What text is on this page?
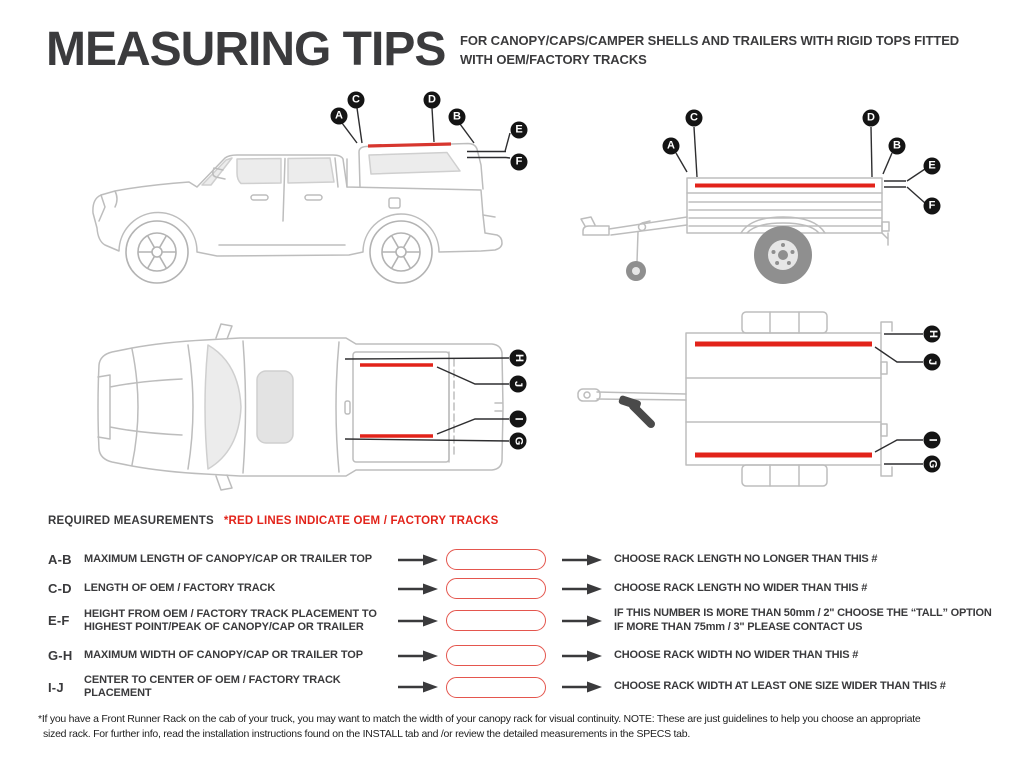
MEASURING TIPS FOR CANOPY/CAPS/CAMPER SHELLS AND TRAILERS WITH RIGID TOPS FITTED
WITH OEM/FACTORY TRACKS
A
C	D
B
E
F
A
C	D
B
E
F
H
J
I
G
H
J
I
G
REQUIRED MEASUREMENTS *RED LINES INDICATE OEM / FACTORY TRACKS
A-B	MAXIMUM LENGTH OF CANOPY/CAP OR TRAILER TOP	CHOOSE RACK LENGTH NO LONGER THAN THIS #
C-D	LENGTH OF OEM / FACTORY TRACK	CHOOSE RACK LENGTH NO WIDER THAN THIS #
E-F	HEIGHT FROM OEM / FACTORY TRACK PLACEMENT TO
HIGHEST POINT/PEAK OF CANOPY/CAP OR TRAILER
IF THIS NUMBER IS MORE THAN 50mm / 2" CHOOSE THE “TALL” OPTION
IF MORE THAN 75mm / 3" PLEASE CONTACT US
G-H	MAXIMUM WIDTH OF CANOPY/CAP OR TRAILER TOP	CHOOSE RACK WIDTH NO WIDER THAN THIS #
I-J	CENTER TO CENTER OF OEM / FACTORY TRACK PLACEMENT
CHOOSE RACK WIDTH AT LEAST ONE SIZE WIDER THAN THIS #
*If you have a Front Runner Rack on the cab of your truck, you may want to match the width of your canopy rack for visual continuity. NOTE: These are just guidelines to help you choose an appropriate
sized rack. For further info, read the installation instructions found on the INSTALL tab and /or review the detailed measurements in the SPECS tab.
